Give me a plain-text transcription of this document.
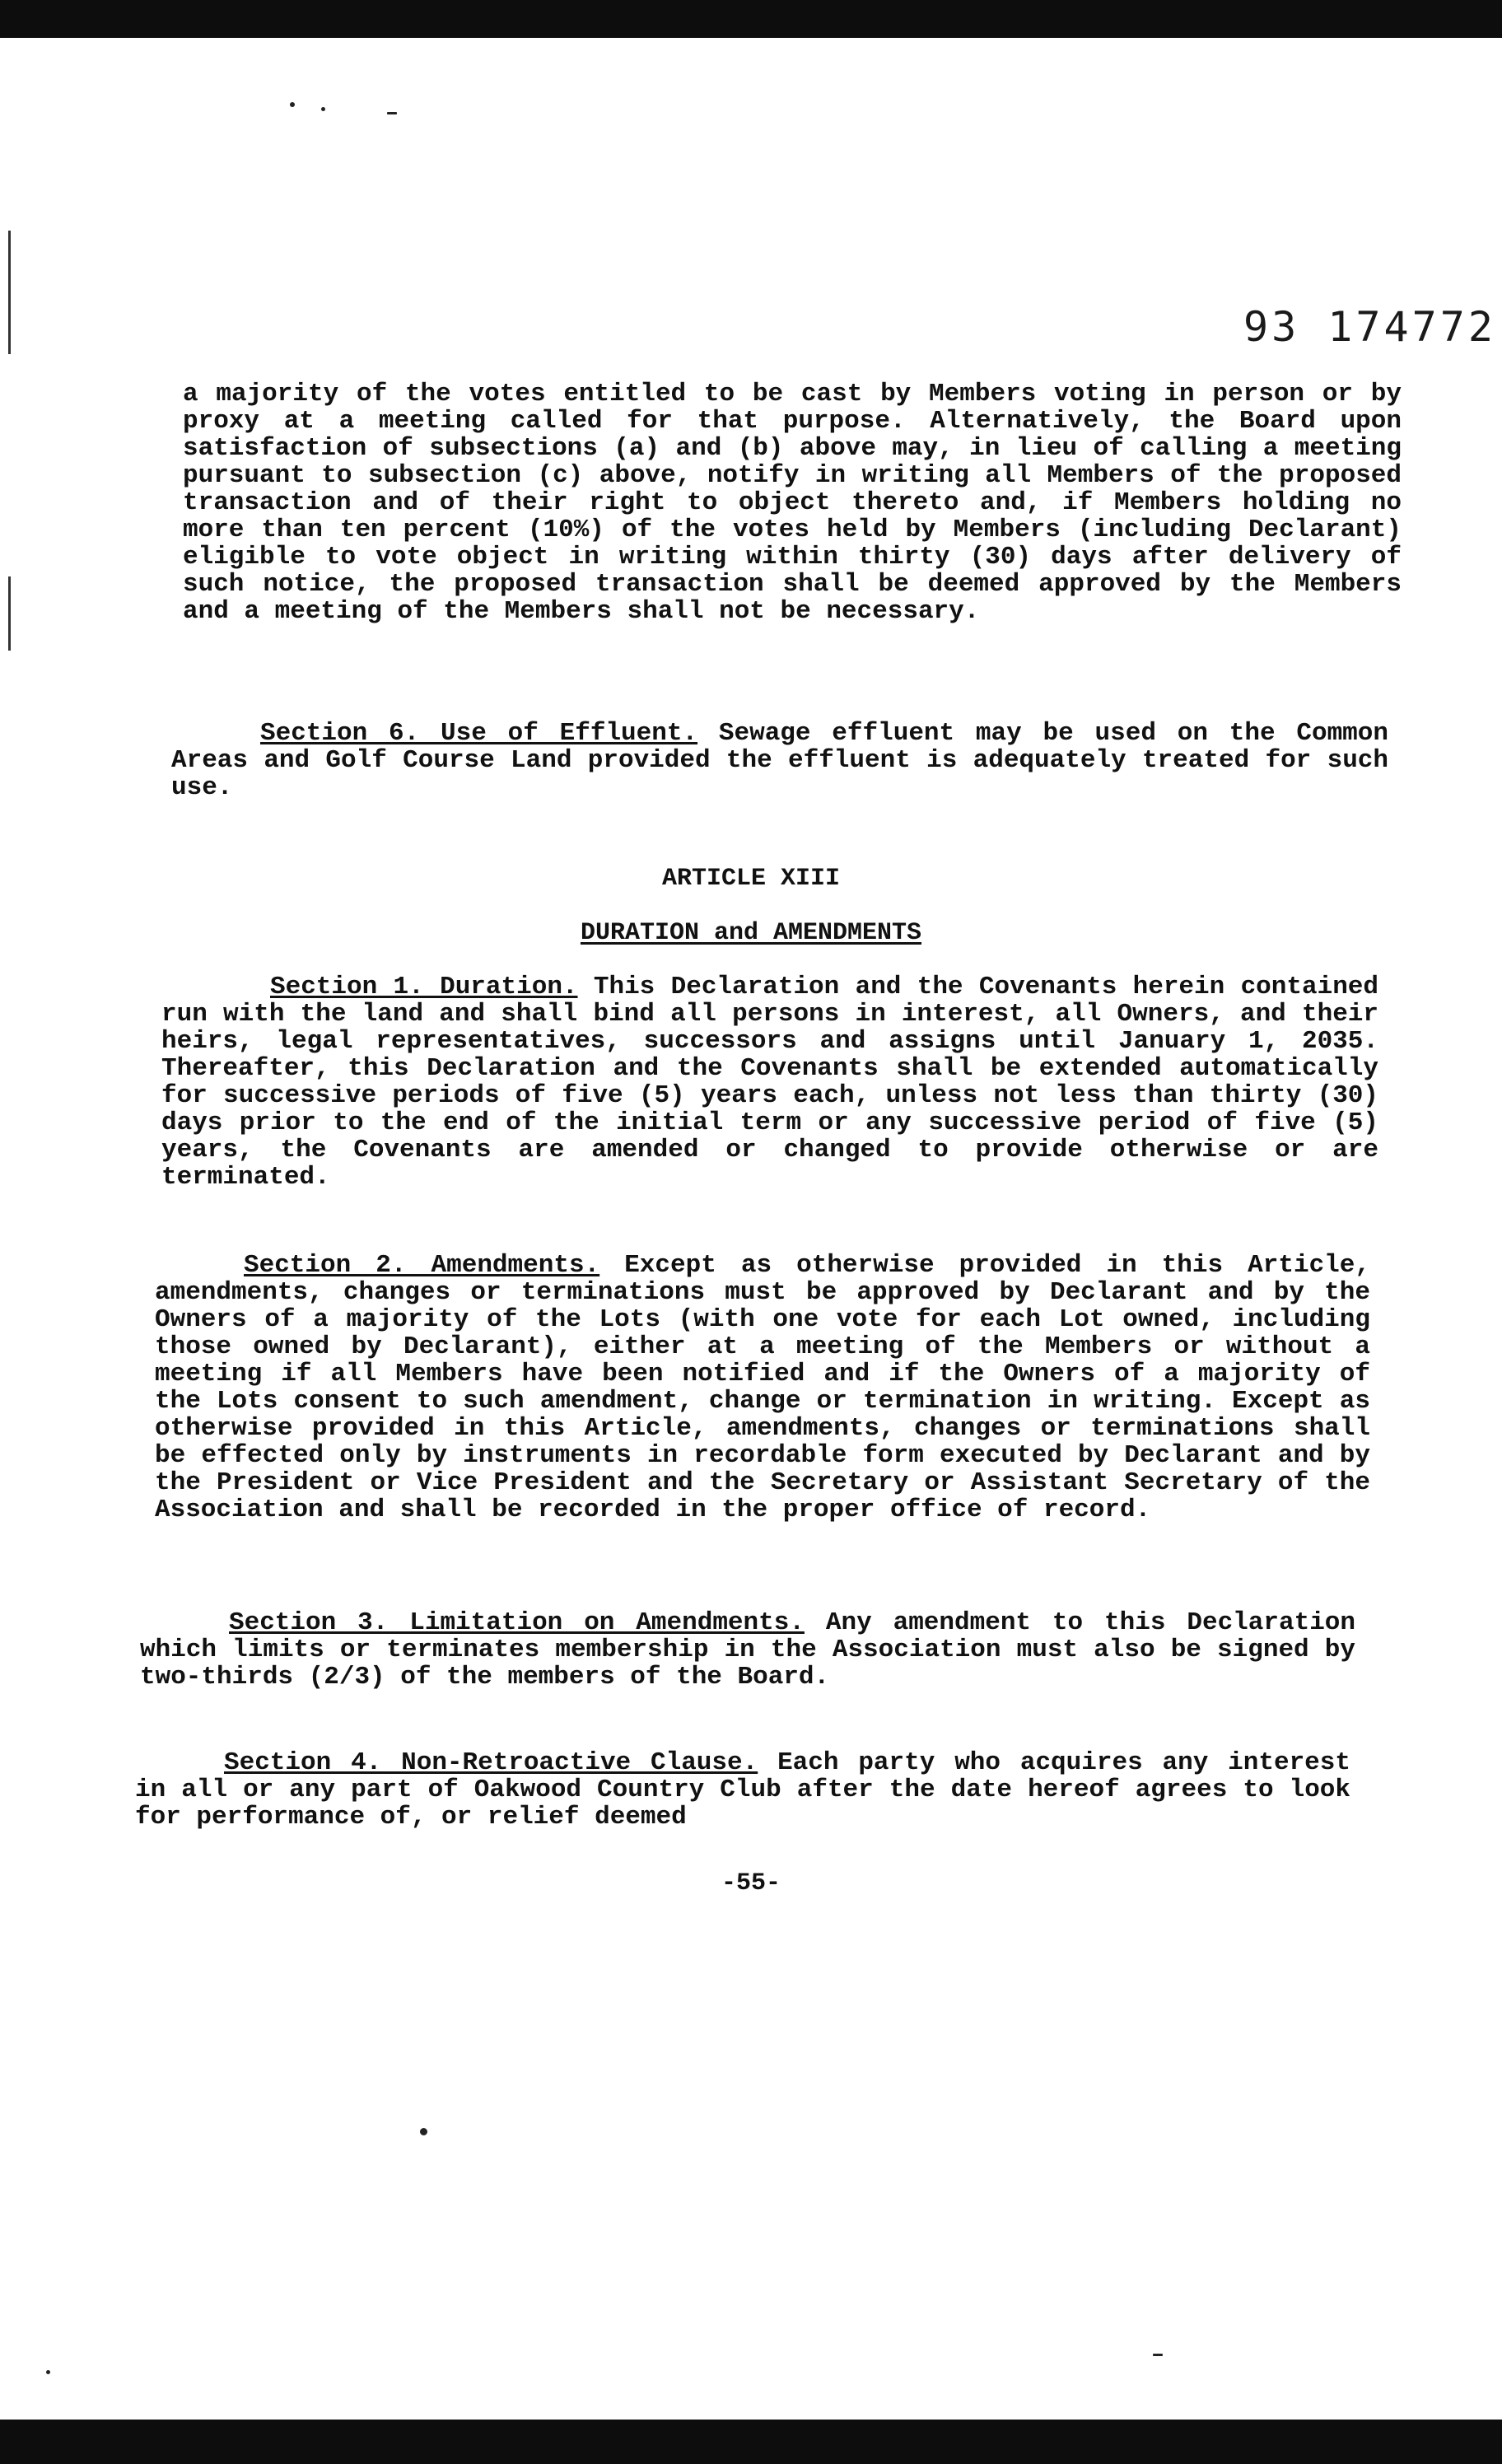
93 174772

a majority of the votes entitled to be cast by Members voting in person or by proxy at a meeting called for that purpose. Alternatively, the Board upon satisfaction of subsections (a) and (b) above may, in lieu of calling a meeting pursuant to subsection (c) above, notify in writing all Members of the proposed transaction and of their right to object thereto and, if Members holding no more than ten percent (10%) of the votes held by Members (including Declarant) eligible to vote object in writing within thirty (30) days after delivery of such notice, the proposed transaction shall be deemed approved by the Members and a meeting of the Members shall not be necessary.

Section 6. Use of Effluent. Sewage effluent may be used on the Common Areas and Golf Course Land provided the effluent is adequately treated for such use.

ARTICLE XIII

DURATION and AMENDMENTS

Section 1. Duration. This Declaration and the Covenants herein contained run with the land and shall bind all persons in interest, all Owners, and their heirs, legal representatives, successors and assigns until January 1, 2035. Thereafter, this Declaration and the Covenants shall be extended automatically for successive periods of five (5) years each, unless not less than thirty (30) days prior to the end of the initial term or any successive period of five (5) years, the Covenants are amended or changed to provide otherwise or are terminated.

Section 2. Amendments. Except as otherwise provided in this Article, amendments, changes or terminations must be approved by Declarant and by the Owners of a majority of the Lots (with one vote for each Lot owned, including those owned by Declarant), either at a meeting of the Members or without a meeting if all Members have been notified and if the Owners of a majority of the Lots consent to such amendment, change or termination in writing. Except as otherwise provided in this Article, amendments, changes or terminations shall be effected only by instruments in recordable form executed by Declarant and by the President or Vice President and the Secretary or Assistant Secretary of the Association and shall be recorded in the proper office of record.

Section 3. Limitation on Amendments. Any amendment to this Declaration which limits or terminates membership in the Association must also be signed by two-thirds (2/3) of the members of the Board.

Section 4. Non-Retroactive Clause. Each party who acquires any interest in all or any part of Oakwood Country Club after the date hereof agrees to look for performance of, or relief deemed

-55-
